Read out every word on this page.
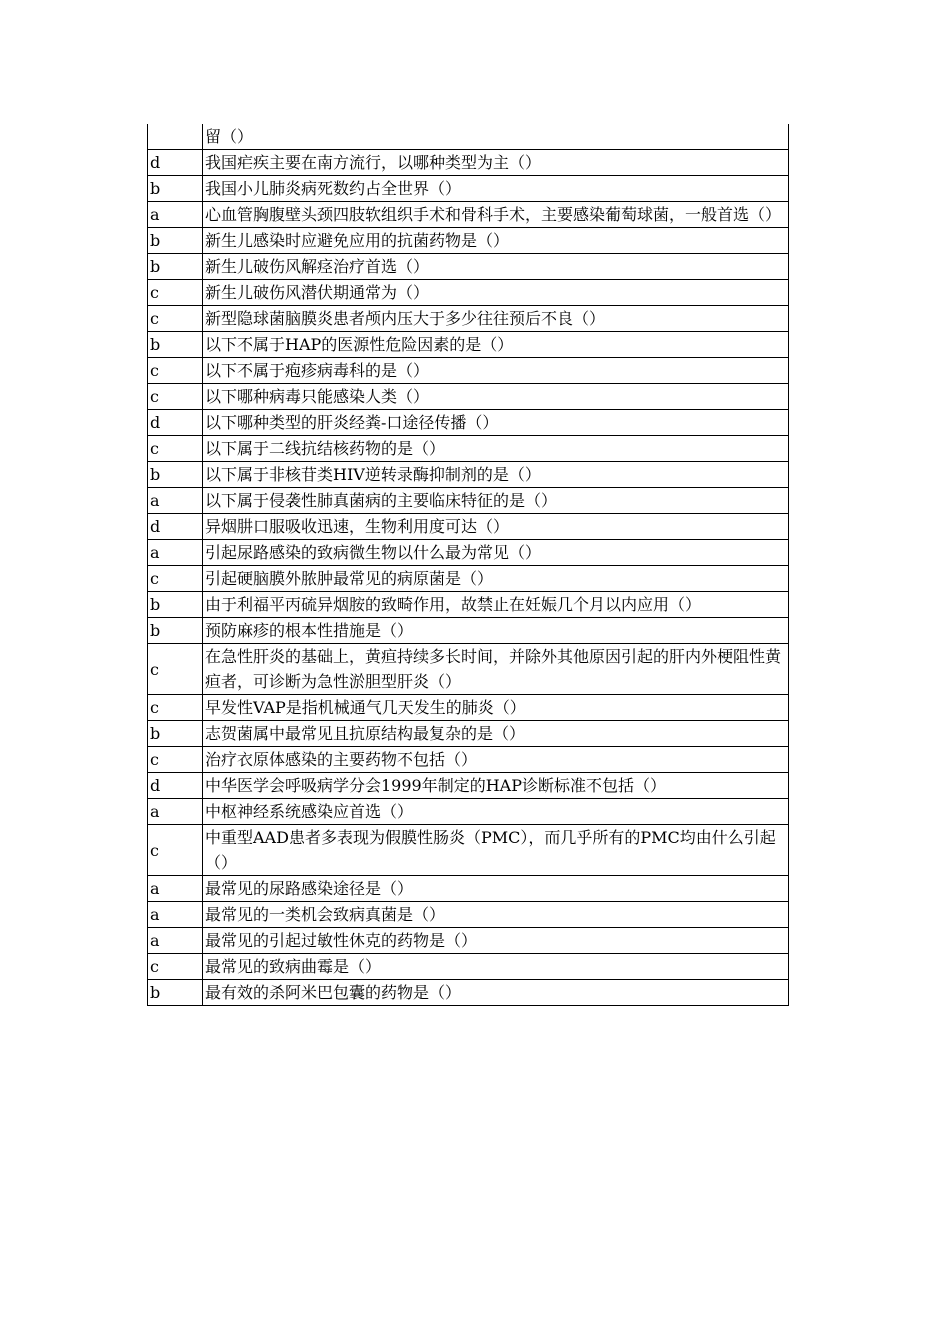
	留（）
d	我国疟疾主要在南方流行，以哪种类型为主（）
b	我国小儿肺炎病死数约占全世界（）
a	心血管胸腹壁头颈四肢软组织手术和骨科手术，主要感染葡萄球菌，一般首选（）
b	新生儿感染时应避免应用的抗菌药物是（）
b	新生儿破伤风解痉治疗首选（）
c	新生儿破伤风潜伏期通常为（）
c	新型隐球菌脑膜炎患者颅内压大于多少往往预后不良（）
b	以下不属于HAP的医源性危险因素的是（）
c	以下不属于疱疹病毒科的是（）
c	以下哪种病毒只能感染人类（）
d	以下哪种类型的肝炎经粪-口途径传播（）
c	以下属于二线抗结核药物的是（）
b	以下属于非核苷类HIV逆转录酶抑制剂的是（）
a	以下属于侵袭性肺真菌病的主要临床特征的是（）
d	异烟肼口服吸收迅速，生物利用度可达（）
a	引起尿路感染的致病微生物以什么最为常见（）
c	引起硬脑膜外脓肿最常见的病原菌是（）
b	由于利福平丙硫异烟胺的致畸作用，故禁止在妊娠几个月以内应用（）
b	预防麻疹的根本性措施是（）
c	在急性肝炎的基础上，黄疸持续多长时间，并除外其他原因引起的肝内外梗阻性黄疸者，可诊断为急性淤胆型肝炎（）
c	早发性VAP是指机械通气几天发生的肺炎（）
b	志贺菌属中最常见且抗原结构最复杂的是（）
c	治疗衣原体感染的主要药物不包括（）
d	中华医学会呼吸病学分会1999年制定的HAP诊断标准不包括（）
a	中枢神经系统感染应首选（）
c	中重型AAD患者多表现为假膜性肠炎（PMC），而几乎所有的PMC均由什么引起（）
a	最常见的尿路感染途径是（）
a	最常见的一类机会致病真菌是（）
a	最常见的引起过敏性休克的药物是（）
c	最常见的致病曲霉是（）
b	最有效的杀阿米巴包囊的药物是（）
